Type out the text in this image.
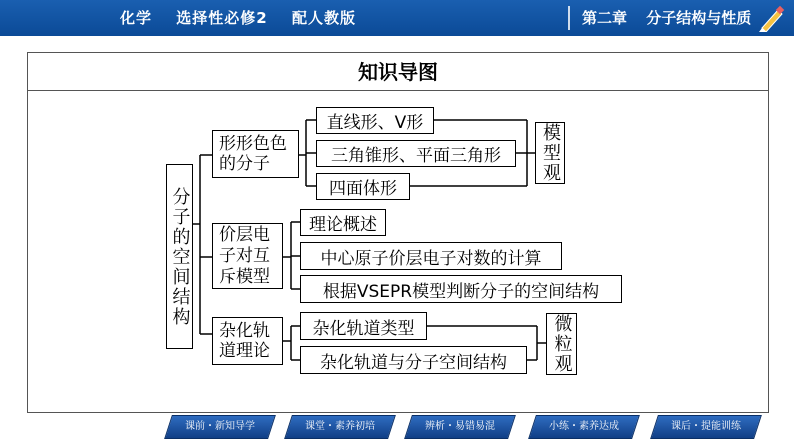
化学 选择性必修2 配人教版	第二章 分子结构与性质
知识导图
分子的空间结构
形形色色的分子
直线形、V形
三角锥形、平面三角形
四面体形
模型观
价层电子对互斥模型
理论概述
中心原子价层电子对数的计算
根据VSEPR模型判断分子的空间结构
杂化轨道理论
杂化轨道类型
杂化轨道与分子空间结构	微粒观
课前・新知导学	课堂・素养初培	辨析・易错易混	小练・素养达成	课后・提能训练
